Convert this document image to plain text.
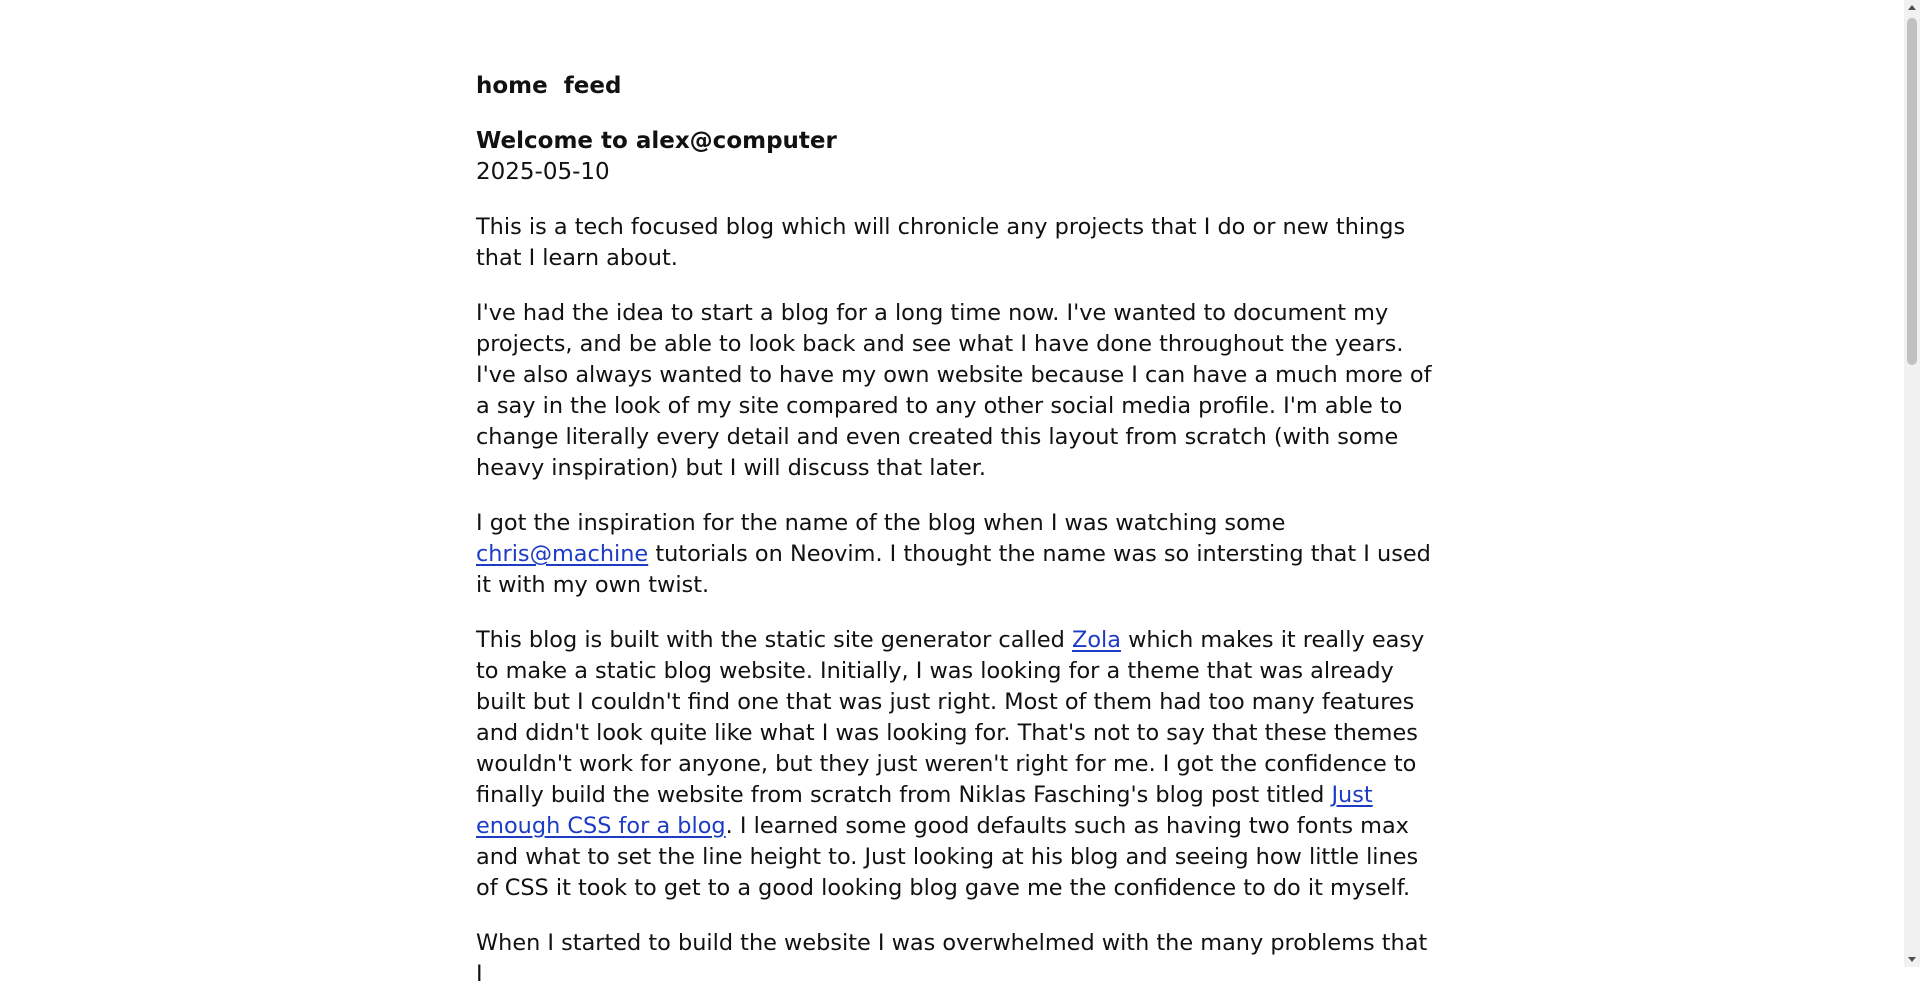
home feed
Welcome to alex@computer
2025-05-10

This is a tech focused blog which will chronicle any projects that I do or new things that I learn about.

I've had the idea to start a blog for a long time now. I've wanted to document my projects, and be able to look back and see what I have done throughout the years. I've also always wanted to have my own website because I can have a much more of a say in the look of my site compared to any other social media profile. I'm able to change literally every detail and even created this layout from scratch (with some heavy inspiration) but I will discuss that later.

I got the inspiration for the name of the blog when I was watching some chris@machine tutorials on Neovim. I thought the name was so intersting that I used it with my own twist.

This blog is built with the static site generator called Zola which makes it really easy to make a static blog website. Initially, I was looking for a theme that was already built but I couldn't find one that was just right. Most of them had too many features and didn't look quite like what I was looking for. That's not to say that these themes wouldn't work for anyone, but they just weren't right for me. I got the confidence to finally build the website from scratch from Niklas Fasching's blog post titled Just enough CSS for a blog. I learned some good defaults such as having two fonts max and what to set the line height to. Just looking at his blog and seeing how little lines of CSS it took to get to a good looking blog gave me the confidence to do it myself.

When I started to build the website I was overwhelmed with the many problems that I
